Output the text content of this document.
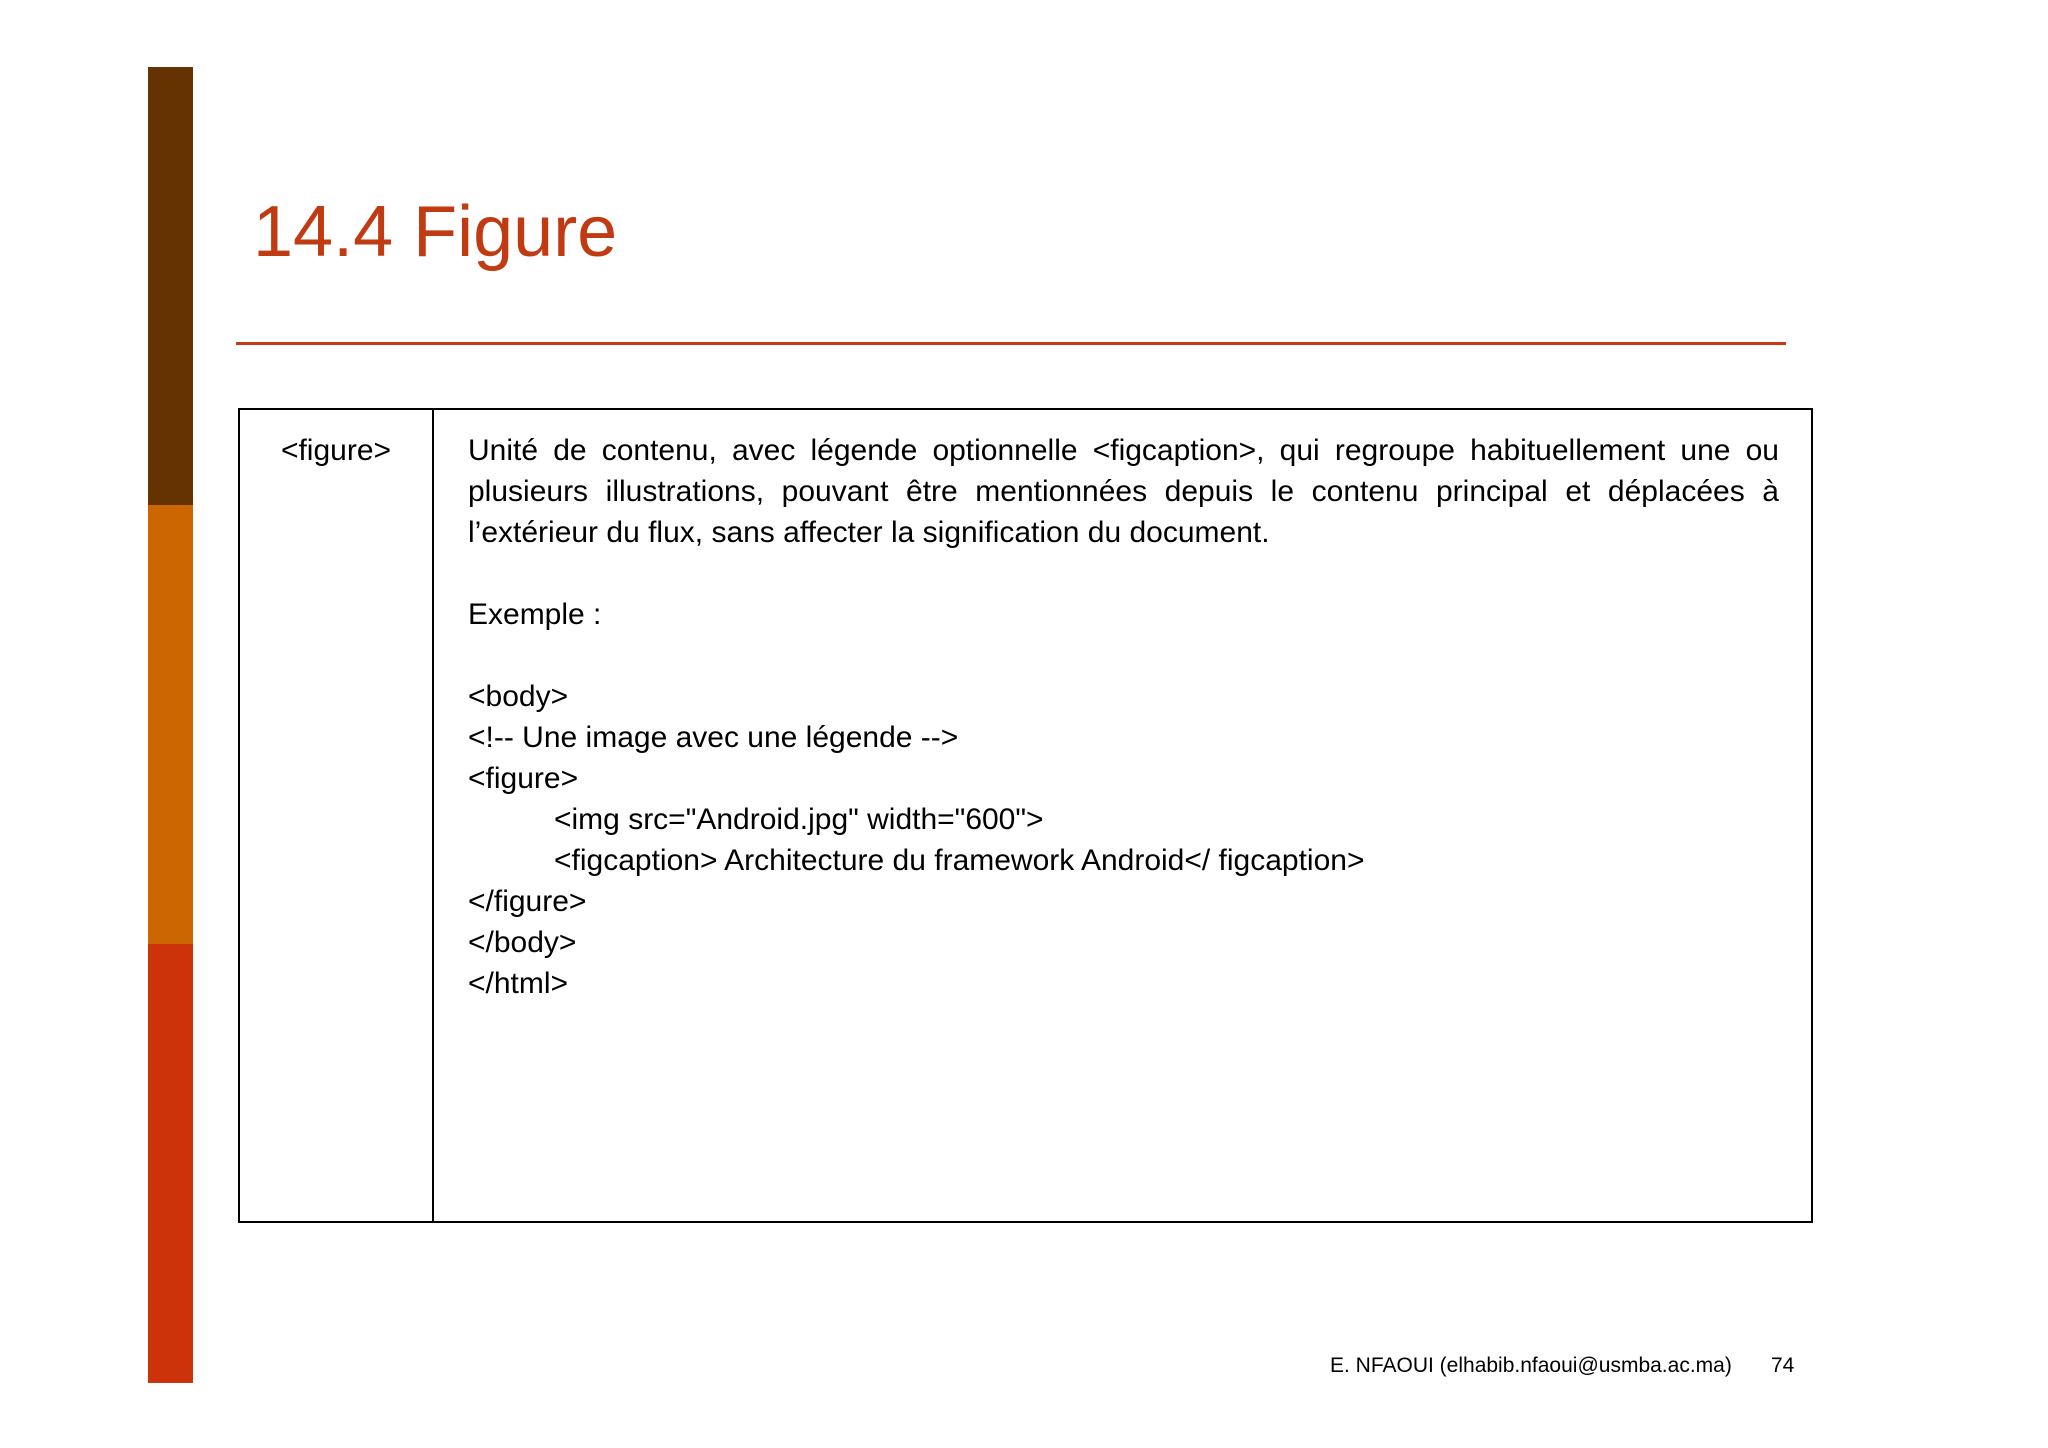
14.4 Figure
<figure>	Unité de contenu, avec légende optionnelle <figcaption>, qui regroupe habituellement une ou plusieurs illustrations, pouvant être mentionnées depuis le contenu principal et déplacées à l’extérieur du flux, sans affecter la signification du document.

Exemple :

<body>

<!-- Une image avec une légende -->

<figure>

<img src="Android.jpg" width="600">

<figcaption> Architecture du framework Android</ figcaption>

</figure>

</body>

</html>

E. NFAOUI (elhabib.nfaoui@usmba.ac.ma) 74
